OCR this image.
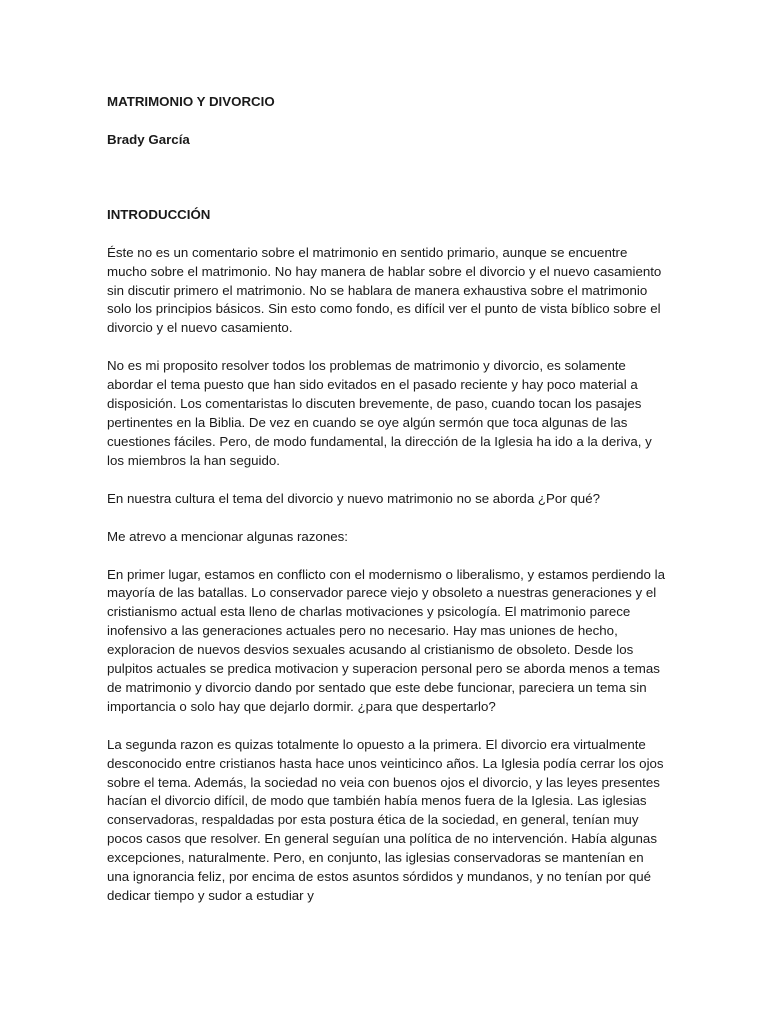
MATRIMONIO Y DIVORCIO

Brady García

INTRODUCCIÓN

Éste no es un comentario sobre el matrimonio en sentido primario, aunque se encuentre mucho sobre el matrimonio. No hay manera de hablar sobre el divorcio y el nuevo casamiento sin discutir primero el matrimonio. No se hablara de manera exhaustiva sobre el matrimonio solo los principios básicos. Sin esto como fondo, es difícil ver el punto de vista bíblico sobre el divorcio y el nuevo casamiento.

No es mi proposito resolver todos los problemas de matrimonio y divorcio, es solamente abordar el tema puesto que han sido evitados en el pasado reciente y hay poco material a disposición. Los comentaristas lo discuten brevemente, de paso, cuando tocan los pasajes pertinentes en la Biblia. De vez en cuando se oye algún sermón que toca algunas de las cuestiones fáciles. Pero, de modo fundamental, la dirección de la Iglesia ha ido a la deriva, y los miembros la han seguido.

En nuestra cultura el tema del divorcio y nuevo matrimonio no se aborda ¿Por qué?

Me atrevo a mencionar algunas razones:

En primer lugar, estamos en conflicto con el modernismo o liberalismo, y estamos perdiendo la mayoría de las batallas. Lo conservador parece viejo y obsoleto a nuestras generaciones y el cristianismo actual esta lleno de charlas motivaciones y psicología. El matrimonio parece inofensivo a las generaciones actuales pero no necesario. Hay mas uniones de hecho, exploracion de nuevos desvios sexuales acusando al cristianismo de obsoleto. Desde los pulpitos actuales se predica motivacion y superacion personal pero se aborda menos a temas de matrimonio y divorcio dando por sentado que este debe funcionar, pareciera un tema sin importancia o solo hay que dejarlo dormir. ¿para que despertarlo?

La segunda razon es quizas totalmente lo opuesto a la primera. El divorcio era virtualmente desconocido entre cristianos hasta hace unos veinticinco años. La Iglesia podía cerrar los ojos sobre el tema. Además, la sociedad no veia con buenos ojos el divorcio, y las leyes presentes hacían el divorcio difícil, de modo que también había menos fuera de la Iglesia. Las iglesias conservadoras, respaldadas por esta postura ética de la sociedad, en general, tenían muy pocos casos que resolver. En general seguían una política de no intervención. Había algunas excepciones, naturalmente. Pero, en conjunto, las iglesias conservadoras se mantenían en una ignorancia feliz, por encima de estos asuntos sórdidos y mundanos, y no tenían por qué dedicar tiempo y sudor a estudiar y
